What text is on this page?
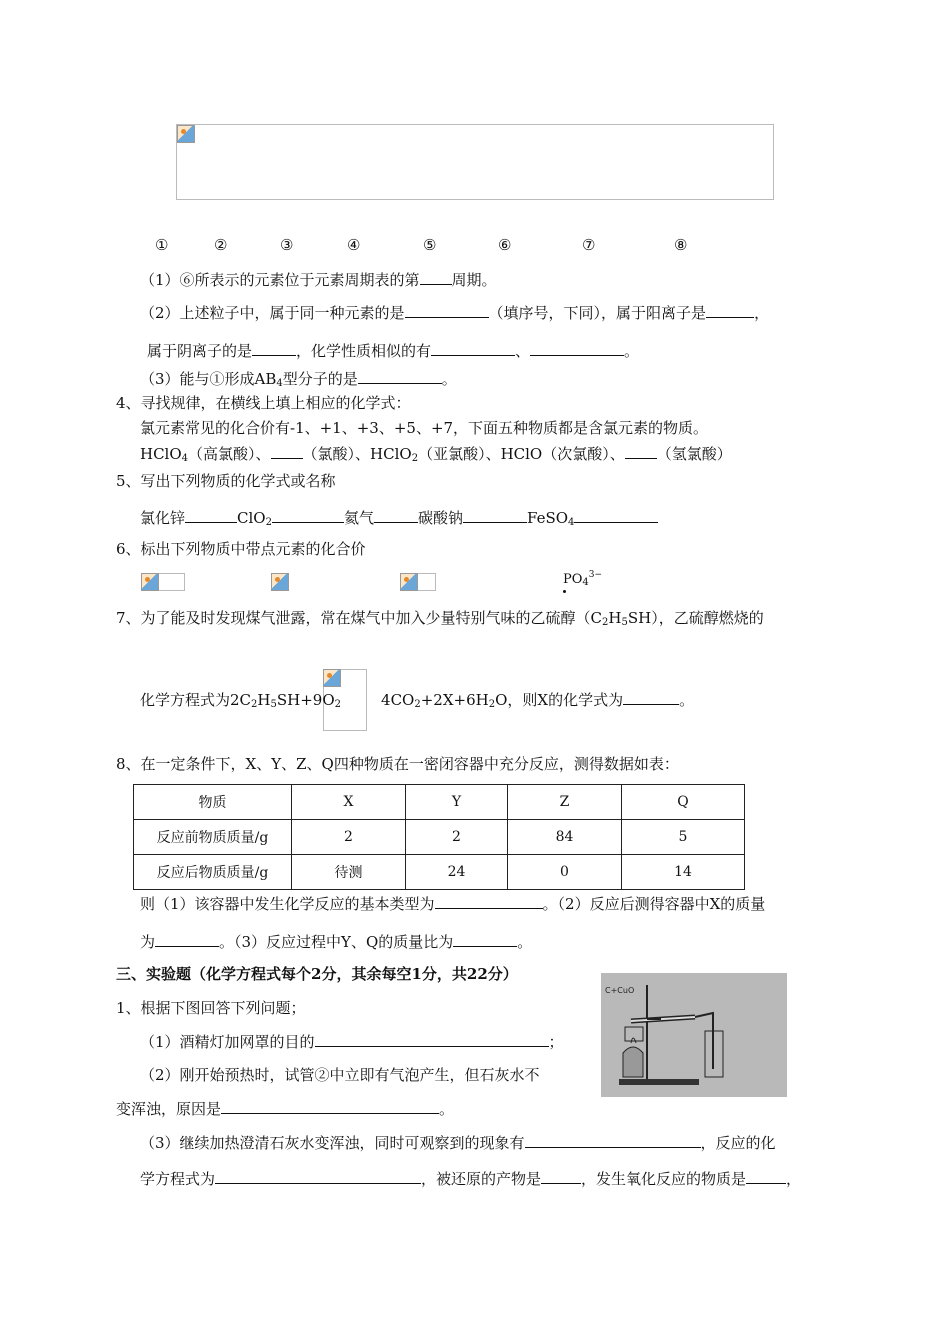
①	②	③	④	⑤	⑥	⑦	⑧
（1）⑥所表示的元素位于元素周期表的第 周期。
（2）上述粒子中，属于同一种元素的是	（填序号，下同），属于阳离子是	，
属于阴离子的是	，化学性质相似的有	、	。
（3）能与①形成$AB_4$型分子的是	。
4、寻找规律，在横线上填上相应的化学式：
氯元素常见的化合价有-1、+1、+3、+5、+7，下面五种物质都是含氯元素的物质。
HClO$_4$（高氯酸）、 （氯酸）、HClO$_2$（亚氯酸）、HClO（次氯酸）、 （氢氯酸）
5、写出下列物质的化学式或名称
氯化锌	ClO$_2$	氦气	碳酸钠	FeSO$_4$
6、标出下列物质中带点元素的化合价
$PO_4^{3-}$
7、为了能及时发现煤气泄露，常在煤气中加入少量特别气味的乙硫醇$(C_2H_5SH)$，乙硫醇燃烧的
化学方程式为$2C_2H_5SH+9O_2$	$4CO_2+2X+6H_2O$，则X的化学式为	。
8、在一定条件下，X、Y、Z、Q四种物质在一密闭容器中充分反应，测得数据如表：
物质	X	Y	Z	Q
反应前物质质量/g	2	2	84	5
反应后物质质量/g	待测	24	0	14
则（1）该容器中发生化学反应的基本类型为	。（2）反应后测得容器中X的质量
为	。（3）反应过程中Y、Q的质量比为	。
三、实验题（化学方程式每个2分，其余每空1分，共22分）
1、根据下图回答下列问题；
（1）酒精灯加网罩的目的	；
（2）刚开始预热时，试管②中立即有气泡产生，但石灰水不
变浑浊，原因是	。
（3）继续加热澄清石灰水变浑浊，同时可观察到的现象有	，反应的化
学方程式为	，被还原的产物是	，发生氧化反应的物质是	，
C+CuO
